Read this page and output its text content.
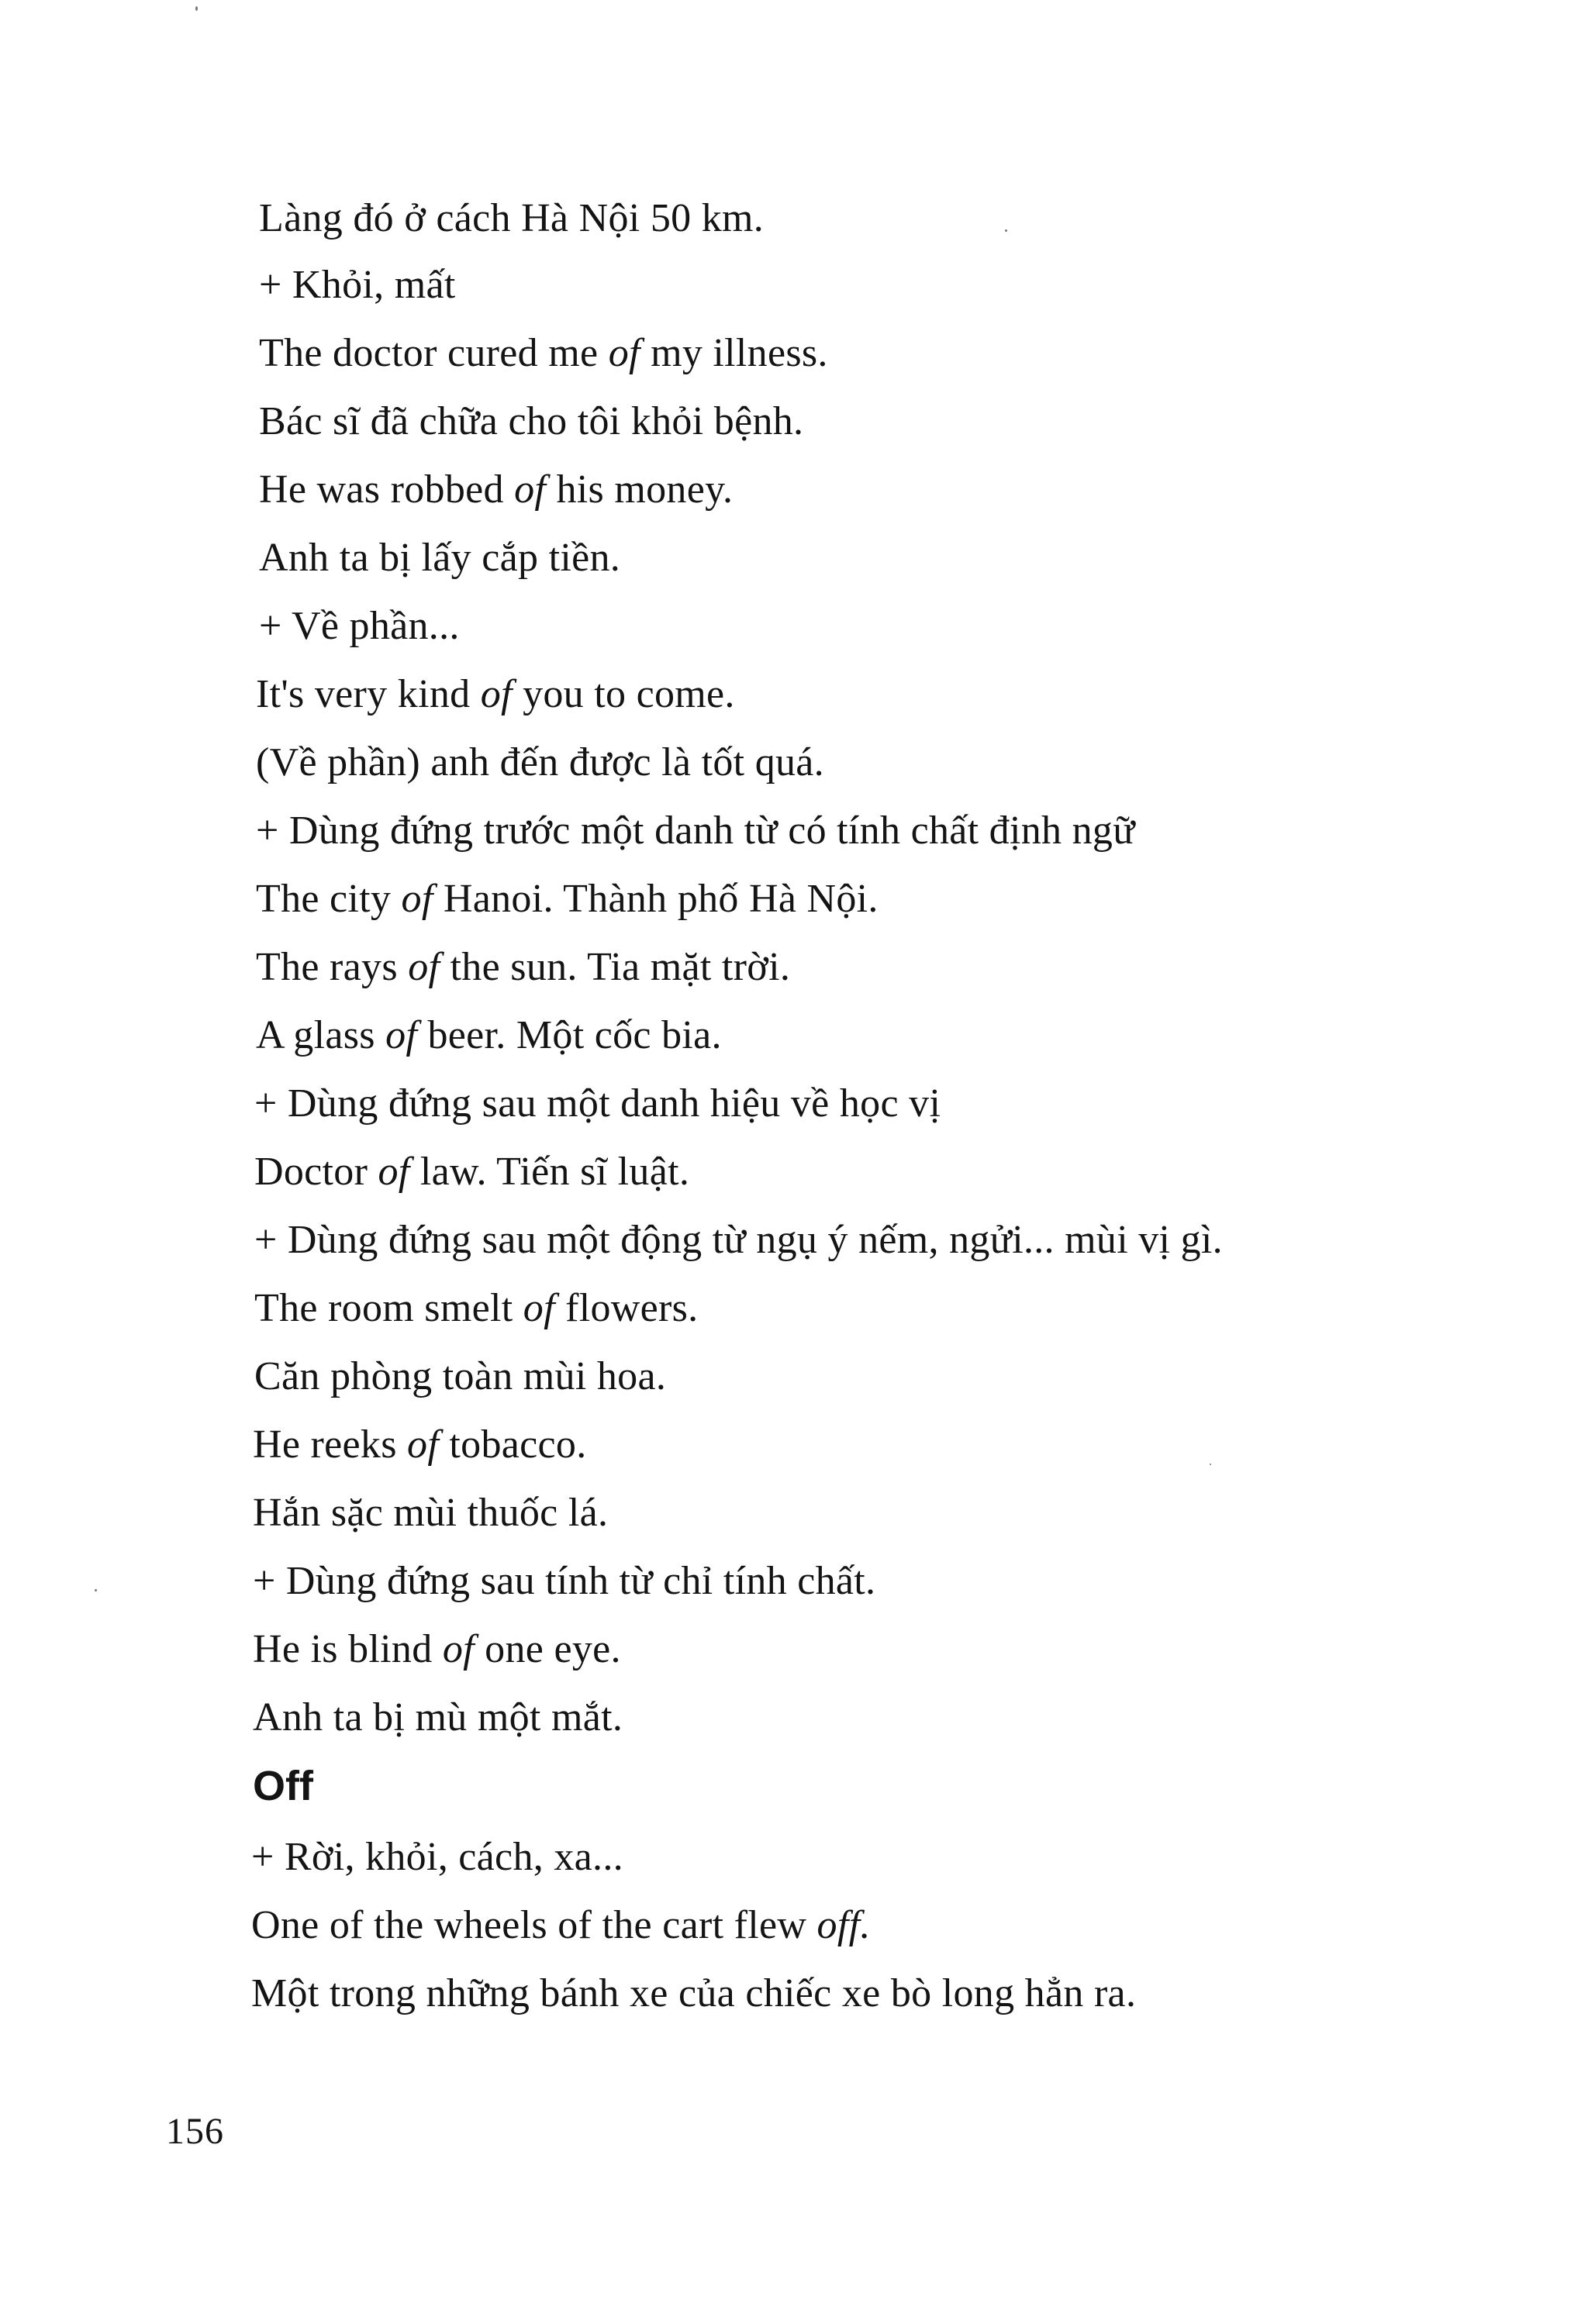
Làng đó ở cách Hà Nội 50 km.
+ Khỏi, mất
The doctor cured me of my illness.
Bác sĩ đã chữa cho tôi khỏi bệnh.
He was robbed of his money.
Anh ta bị lấy cắp tiền.
+ Về phần...
It's very kind of you to come.
(Về phần) anh đến được là tốt quá.
+ Dùng đứng trước một danh từ có tính chất định ngữ
The city of Hanoi. Thành phố Hà Nội.
The rays of the sun. Tia mặt trời.
A glass of beer. Một cốc bia.
+ Dùng đứng sau một danh hiệu về học vị
Doctor of law. Tiến sĩ luật.
+ Dùng đứng sau một động từ ngụ ý nếm, ngửi... mùi vị gì.
The room smelt of flowers.
Căn phòng toàn mùi hoa.
He reeks of tobacco.
Hắn sặc mùi thuốc lá.
+ Dùng đứng sau tính từ chỉ tính chất.
He is blind of one eye.
Anh ta bị mù một mắt.
Off
+ Rời, khỏi, cách, xa...
One of the wheels of the cart flew off.
Một trong những bánh xe của chiếc xe bò long hẳn ra.
156
